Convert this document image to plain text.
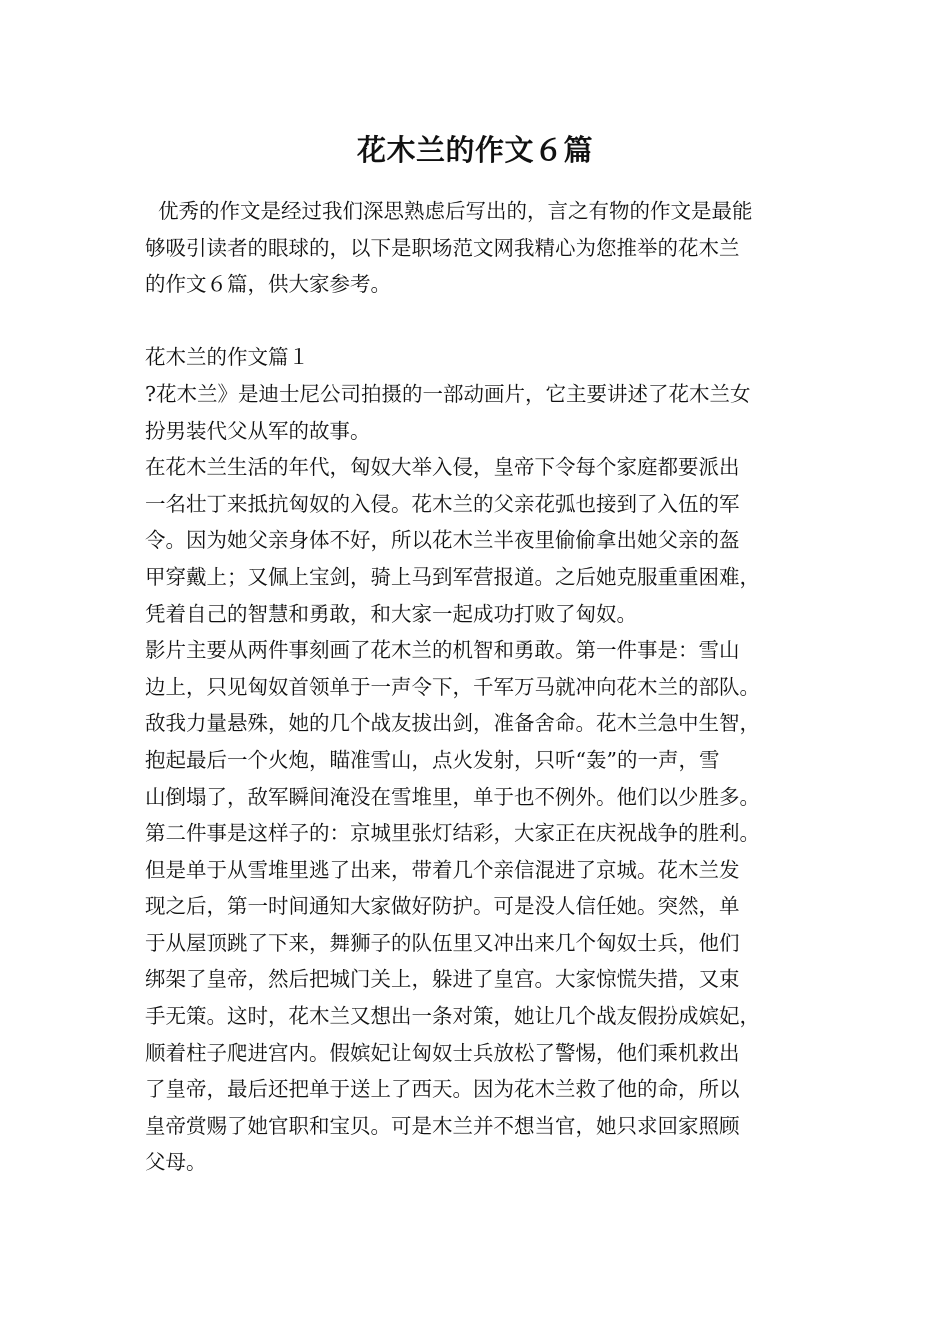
花木兰的作文６篇
优秀的作文是经过我们深思熟虑后写出的，言之有物的作文是最能
够吸引读者的眼球的，以下是职场范文网我精心为您推举的花木兰
的作文６篇，供大家参考。
花木兰的作文篇１
?花木兰》是迪士尼公司拍摄的一部动画片，它主要讲述了花木兰女
扮男装代父从军的故事。
在花木兰生活的年代，匈奴大举入侵，皇帝下令每个家庭都要派出
一名壮丁来抵抗匈奴的入侵。花木兰的父亲花弧也接到了入伍的军
令。因为她父亲身体不好，所以花木兰半夜里偷偷拿出她父亲的盔
甲穿戴上；又佩上宝剑，骑上马到军营报道。之后她克服重重困难，
凭着自己的智慧和勇敢，和大家一起成功打败了匈奴。
影片主要从两件事刻画了花木兰的机智和勇敢。第一件事是：雪山
边上，只见匈奴首领单于一声令下，千军万马就冲向花木兰的部队。
敌我力量悬殊，她的几个战友拔出剑，准备舍命。花木兰急中生智，
抱起最后一个火炮，瞄准雪山，点火发射，只听“轰”的一声，雪
山倒塌了，敌军瞬间淹没在雪堆里，单于也不例外。他们以少胜多。
第二件事是这样子的：京城里张灯结彩，大家正在庆祝战争的胜利。
但是单于从雪堆里逃了出来，带着几个亲信混进了京城。花木兰发
现之后，第一时间通知大家做好防护。可是没人信任她。突然，单
于从屋顶跳了下来，舞狮子的队伍里又冲出来几个匈奴士兵，他们
绑架了皇帝，然后把城门关上，躲进了皇宫。大家惊慌失措，又束
手无策。这时，花木兰又想出一条对策，她让几个战友假扮成嫔妃，
顺着柱子爬进宫内。假嫔妃让匈奴士兵放松了警惕，他们乘机救出
了皇帝，最后还把单于送上了西天。因为花木兰救了他的命，所以
皇帝赏赐了她官职和宝贝。可是木兰并不想当官，她只求回家照顾
父母。
